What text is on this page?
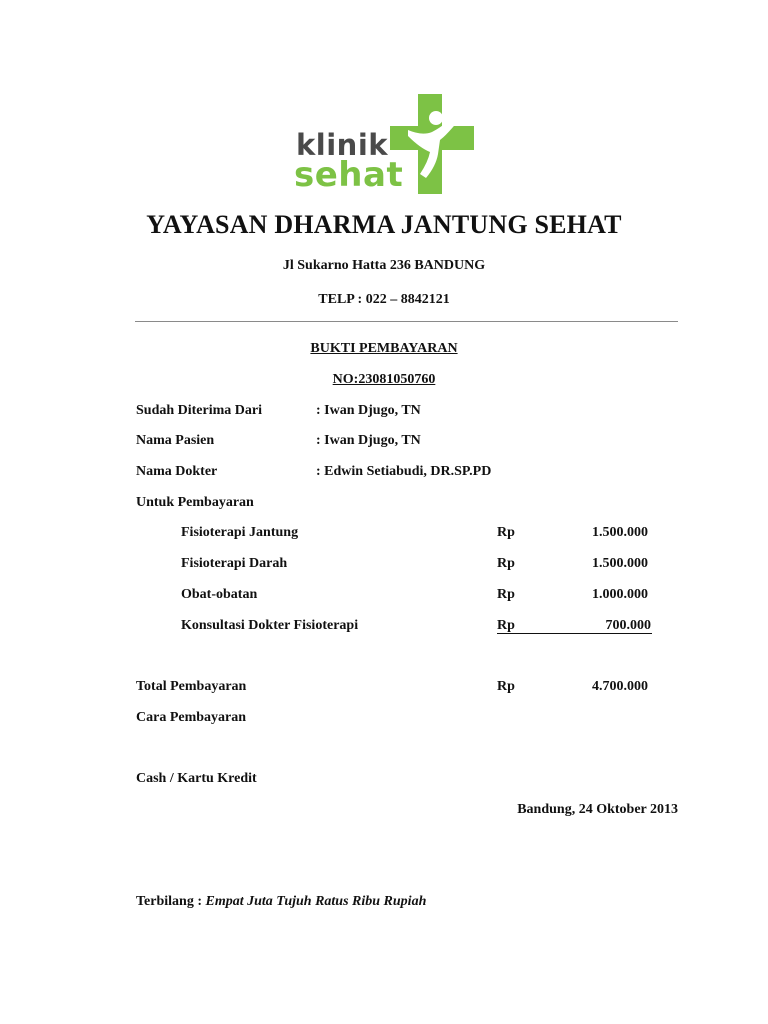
klinik
sehat
YAYASAN DHARMA JANTUNG SEHAT
Jl Sukarno Hatta 236 BANDUNG
TELP : 022 – 8842121
BUKTI PEMBAYARAN
NO:23081050760
Sudah Diterima Dari	: Iwan Djugo, TN
Nama Pasien	: Iwan Djugo, TN
Nama Dokter	: Edwin Setiabudi, DR.SP.PD
Untuk Pembayaran
Fisioterapi Jantung	Rp	1.500.000
Fisioterapi Darah	Rp	1.500.000
Obat-obatan	Rp	1.000.000
Konsultasi Dokter Fisioterapi	Rp	700.000
Total Pembayaran	Rp	4.700.000
Cara Pembayaran
Cash / Kartu Kredit
Bandung, 24 Oktober 2013
Terbilang : Empat Juta Tujuh Ratus Ribu Rupiah
